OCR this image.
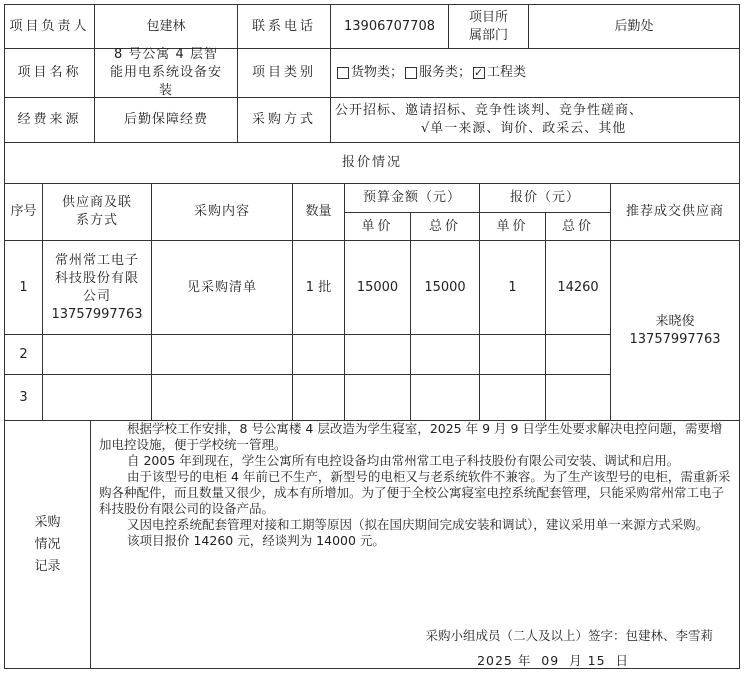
项目负责人	包建林	联系电话	13906707708
项目所属部门
后勤处
项目名称
8 号公寓 4 层智能用电系统设备安装
项目类别	货物类； 服务类；
✓ 工程类
经费来源	后勤保障经费	采购方式
公开招标、邀请招标、竞争性谈判、竞争性磋商、
√单一来源、询价、政采云、其他
报价情况
序号
供应商及联系方式
采购内容	数量
预算金额（元）	报价（元）
推荐成交供应商
单价	总价	单价	总价
1
常州常工电子科技股份有限公司
13757997763
见采购清单	1 批	15000	15000	1	14260
来晓俊
13757997763
2
3
采购
情况
记录

根据学校工作安排，8 号公寓楼 4 层改造为学生寝室，2025 年 9 月 9 日学生处要求解决电控问题，需要增加电控设施，便于学校统一管理。

自 2005 年到现在，学生公寓所有电控设备均由常州常工电子科技股份有限公司安装、调试和启用。

由于该型号的电柜 4 年前已不生产，新型号的电柜又与老系统软件不兼容。为了生产该型号的电柜，需重新采购各种配件，而且数量又很少，成本有所增加。为了便于全校公寓寝室电控系统配套管理，只能采购常州常工电子科技股份有限公司的设备产品。

又因电控系统配套管理对接和工期等原因（拟在国庆期间完成安装和调试），建议采用单一来源方式采购。

该项目报价 14260 元，经谈判为 14000 元。

采购小组成员（二人及以上）签字：包建林、李雪莉
2025 年  09  月 15  日
